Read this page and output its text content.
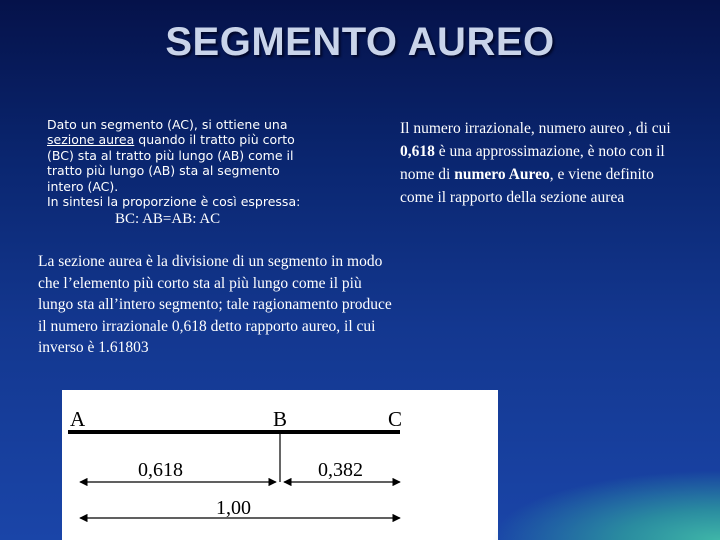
SEGMENTO AUREO
Dato un segmento (AC), si ottiene una
sezione aurea quando il tratto più corto
(BC) sta al tratto più lungo (AB) come il
tratto più lungo (AB) sta al segmento
intero (AC).
In sintesi la proporzione è così espressa:
BC: AB=AB: AC
Il numero irrazionale, numero aureo , di cui 0,618 è una approssimazione, è noto con il nome di numero Aureo, e viene definito come il rapporto della sezione aurea
La sezione aurea è la divisione di un segmento in modo che l’elemento più corto sta al più lungo come il più lungo sta all’intero segmento; tale ragionamento produce il numero irrazionale 0,618 detto rapporto aureo, il cui inverso è 1.61803
A	B	C
0,618	0,382
1,00
